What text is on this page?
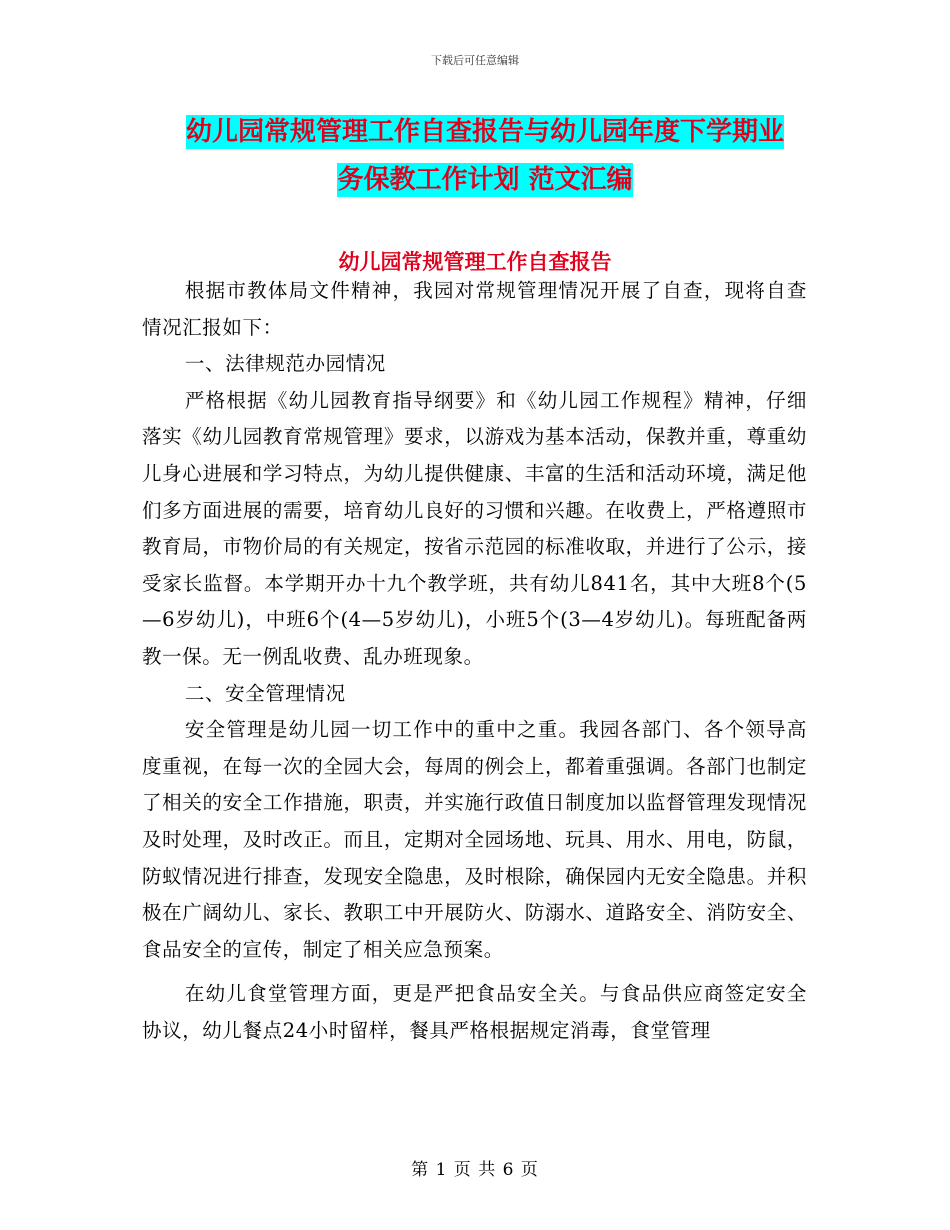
下载后可任意编辑
幼儿园常规管理工作自查报告与幼儿园年度下学期业
务保教工作计划 范文汇编
幼儿园常规管理工作自查报告

根据市教体局文件精神，我园对常规管理情况开展了自查，现将自查情况汇报如下：

一、法律规范办园情况

严格根据《幼儿园教育指导纲要》和《幼儿园工作规程》精神，仔细落实《幼儿园教育常规管理》要求，以游戏为基本活动，保教并重，尊重幼儿身心进展和学习特点，为幼儿提供健康、丰富的生活和活动环境，满足他们多方面进展的需要，培育幼儿良好的习惯和兴趣。在收费上，严格遵照市教育局，市物价局的有关规定，按省示范园的标准收取，并进行了公示，接受家长监督。本学期开办十九个教学班，共有幼儿841名，其中大班8个(5—6岁幼儿)，中班6个(4—5岁幼儿)，小班5个(3—4岁幼儿)。每班配备两教一保。无一例乱收费、乱办班现象。

二、安全管理情况

安全管理是幼儿园一切工作中的重中之重。我园各部门、各个领导高度重视，在每一次的全园大会，每周的例会上，都着重强调。各部门也制定了相关的安全工作措施，职责，并实施行政值日制度加以监督管理发现情况及时处理，及时改正。而且，定期对全园场地、玩具、用水、用电，防鼠，防蚁情况进行排查，发现安全隐患，及时根除，确保园内无安全隐患。并积极在广阔幼儿、家长、教职工中开展防火、防溺水、道路安全、消防安全、食品安全的宣传，制定了相关应急预案。

在幼儿食堂管理方面，更是严把食品安全关。与食品供应商签定安全协议，幼儿餐点24小时留样，餐具严格根据规定消毒，食堂管理

第 1 页 共 6 页
